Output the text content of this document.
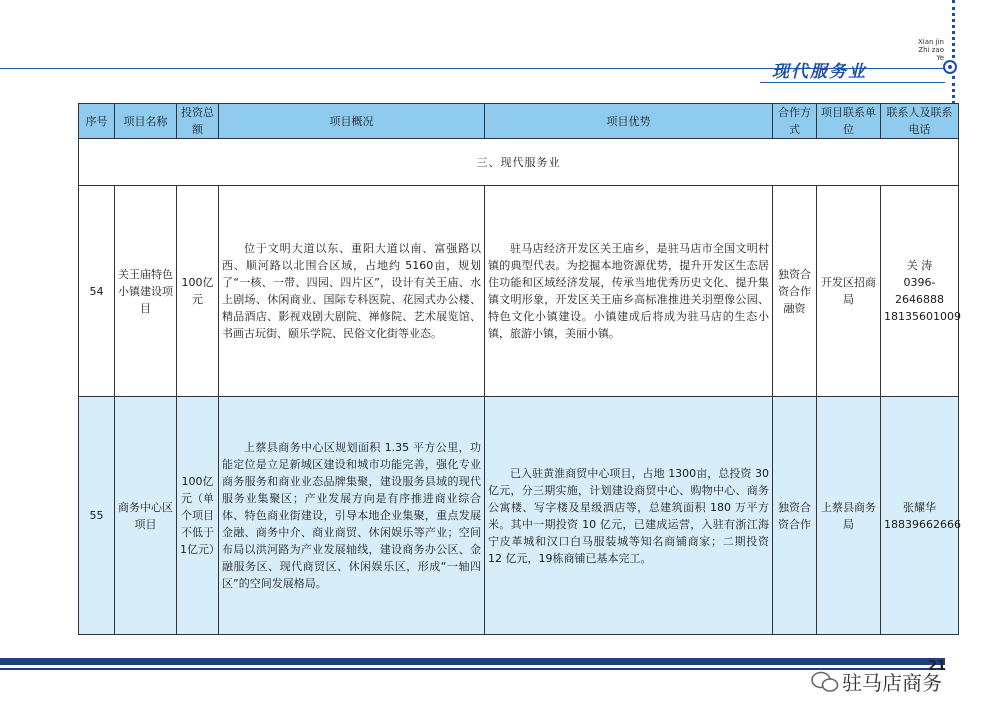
Xian jin
Zhi zao
Ye
现代服务业
序号	项目名称	投资总额	项目概况	项目优势	合作方式	项目联系单位	联系人及联系电话
三、现代服务业							
54	关王庙特色小镇建设项目	100亿元	位于文明大道以东、重阳大道以南、富强路以西、顺河路以北围合区域，占地约 5160亩，规划了“一核、一带、四园、四片区”，设计有关王庙、水上剧场、休闲商业、国际专科医院、花园式办公楼、精品酒店、影视戏剧大剧院、禅修院、艺术展览馆、书画古玩街、颐乐学院、民俗文化街等业态。	驻马店经济开发区关王庙乡，是驻马店市全国文明村镇的典型代表。为挖掘本地资源优势，提升开发区生态居住功能和区域经济发展，传承当地优秀历史文化、提升集镇文明形象，开发区关王庙乡高标准推进关羽塑像公园、特色文化小镇建设。小镇建成后将成为驻马店的生态小镇，旅游小镇，美丽小镇。	独资合资合作融资	开发区招商局	关 涛
0396-2646888
18135601009

55	商务中心区项目	100亿元（单个项目不低于1亿元）	上蔡县商务中心区规划面积 1.35 平方公里，功能定位是立足新城区建设和城市功能完善，强化专业商务服务和商业业态品牌集聚，建设服务县域的现代服务业集聚区；产业发展方向是有序推进商业综合体、特色商业街建设，引导本地企业集聚，重点发展金融、商务中介、商业商贸、休闲娱乐等产业；空间布局以洪河路为产业发展轴线，建设商务办公区、金融服务区、现代商贸区、休闲娱乐区，形成“一轴四区”的空间发展格局。	已入驻黄淮商贸中心项目，占地 1300亩，总投资 30 亿元，分三期实施，计划建设商贸中心、购物中心、商务公寓楼、写字楼及星级酒店等，总建筑面积 180 万平方米。其中一期投资 10 亿元，已建成运营，入驻有浙江海宁皮革城和汉口白马服装城等知名商铺商家；二期投资 12 亿元，19栋商铺已基本完工。	独资合资合作	上蔡县商务局	张耀华
18839662666
21
驻马店商务
